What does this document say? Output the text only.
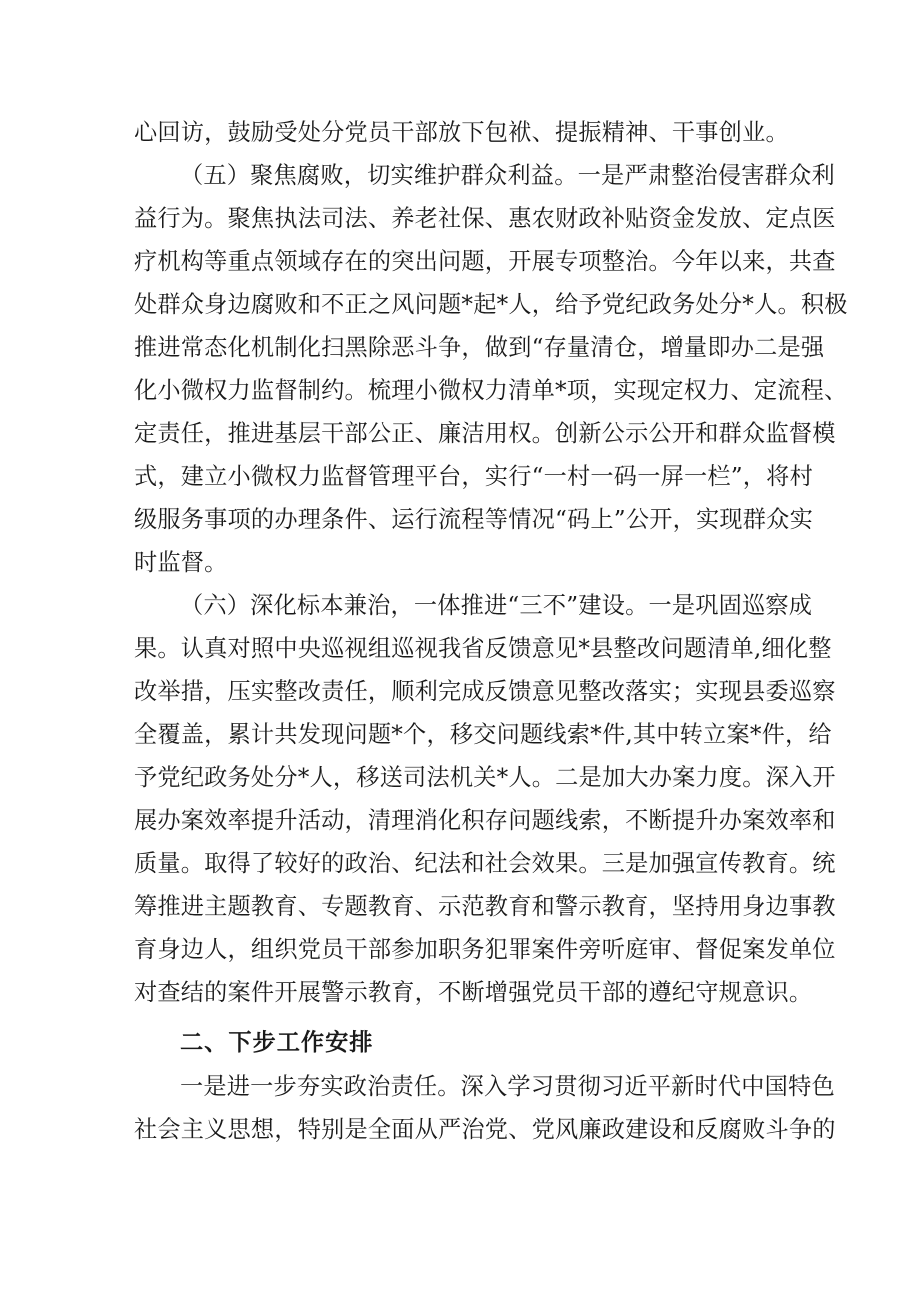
心回访，鼓励受处分党员干部放下包袱、提振精神、干事创业。
（五）聚焦腐败，切实维护群众利益。一是严肃整治侵害群众利
益行为。聚焦执法司法、养老社保、惠农财政补贴资金发放、定点医
疗机构等重点领域存在的突出问题，开展专项整治。今年以来，共查
处群众身边腐败和不正之风问题*起*人，给予党纪政务处分*人。积极
推进常态化机制化扫黑除恶斗争，做到“存量清仓，增量即办二是强
化小微权力监督制约。梳理小微权力清单*项，实现定权力、定流程、
定责任，推进基层干部公正、廉洁用权。创新公示公开和群众监督模
式，建立小微权力监督管理平台，实行“一村一码一屏一栏”，将村
级服务事项的办理条件、运行流程等情况“码上”公开，实现群众实
时监督。
（六）深化标本兼治，一体推进“三不”建设。一是巩固巡察成
果。认真对照中央巡视组巡视我省反馈意见*县整改问题清单,细化整
改举措，压实整改责任，顺利完成反馈意见整改落实；实现县委巡察
全覆盖，累计共发现问题*个，移交问题线索*件,其中转立案*件，给
予党纪政务处分*人，移送司法机关*人。二是加大办案力度。深入开
展办案效率提升活动，清理消化积存问题线索，不断提升办案效率和
质量。取得了较好的政治、纪法和社会效果。三是加强宣传教育。统
筹推进主题教育、专题教育、示范教育和警示教育，坚持用身边事教
育身边人，组织党员干部参加职务犯罪案件旁听庭审、督促案发单位
对查结的案件开展警示教育，不断增强党员干部的遵纪守规意识。
二、下步工作安排
一是进一步夯实政治责任。深入学习贯彻习近平新时代中国特色
社会主义思想，特别是全面从严治党、党风廉政建设和反腐败斗争的
